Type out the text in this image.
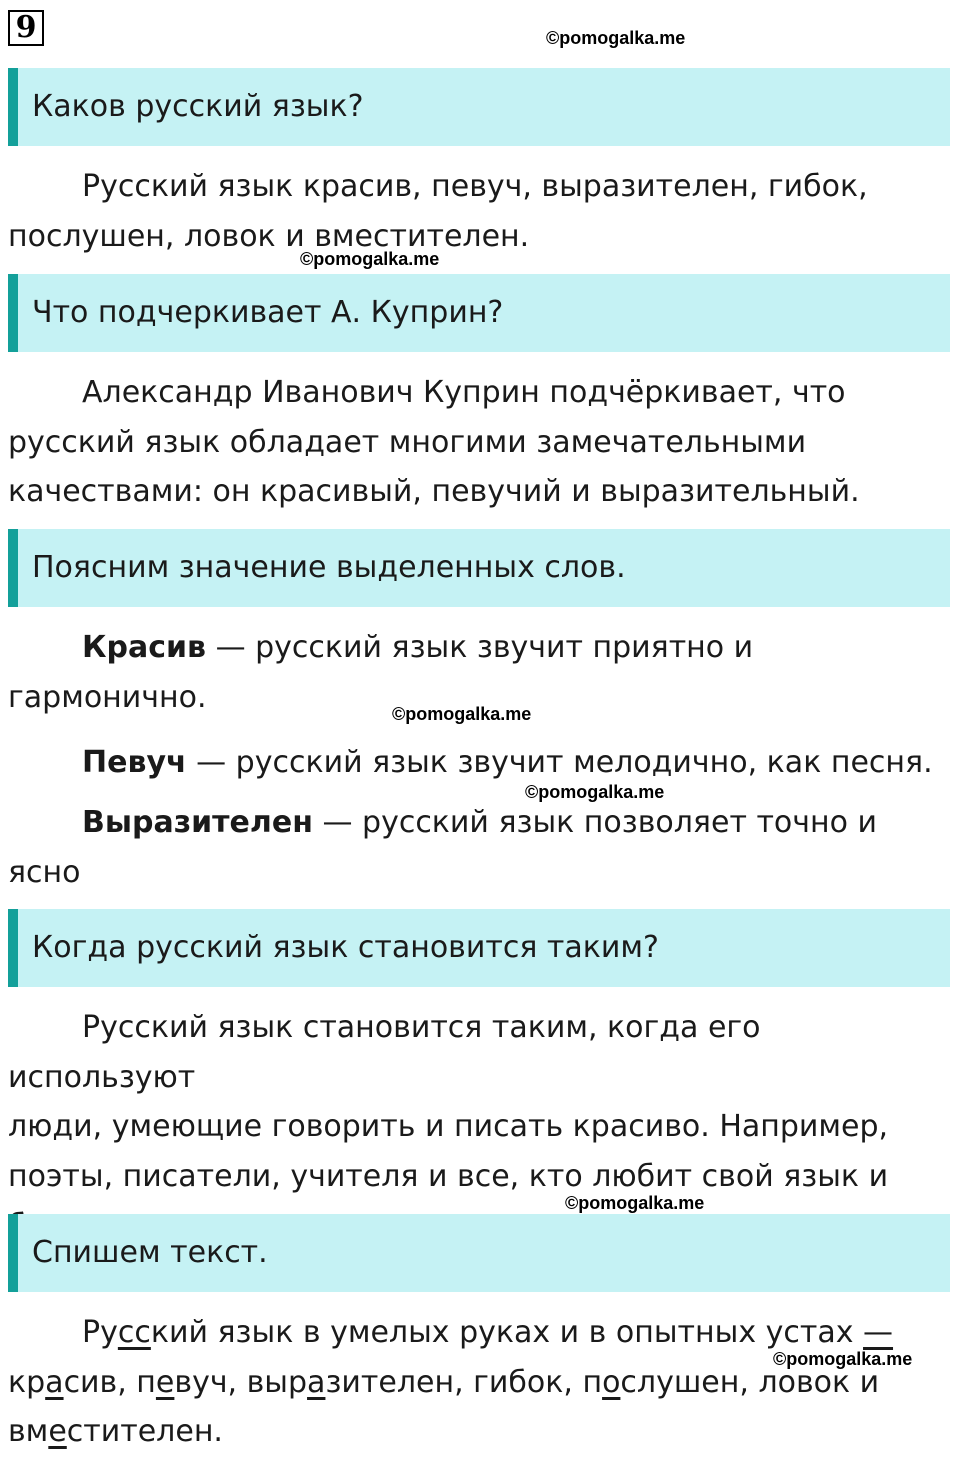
9	©pomogalka.me
Каков русский язык?
Русский язык красив, певуч, выразителен, гибок,
послушен, ловок и вместителен.
©pomogalka.me
Что подчеркивает А. Куприн?
Александр Иванович Куприн подчёркивает, что
русский язык обладает многими замечательными
качествами: он красивый, певучий и выразительный.
Поясним значение выделенных слов.
Красив — русский язык звучит приятно и
гармонично.	©pomogalka.me
Певуч — русский язык звучит мелодично, как песня.
©pomogalka.me
Выразителен — русский язык позволяет точно и ясно
Когда русский язык становится таким?
Русский язык становится таким, когда его используют
люди, умеющие говорить и писать красиво. Например,
поэты, писатели, учителя и все, кто любит свой язык и
©pomogalka.me
Спишем текст.
Русский язык в умелых руках и в опытных устах —
красив, певуч, выразителен, гибок, послушен, ловок и
вместителен.
©pomogalka.me
